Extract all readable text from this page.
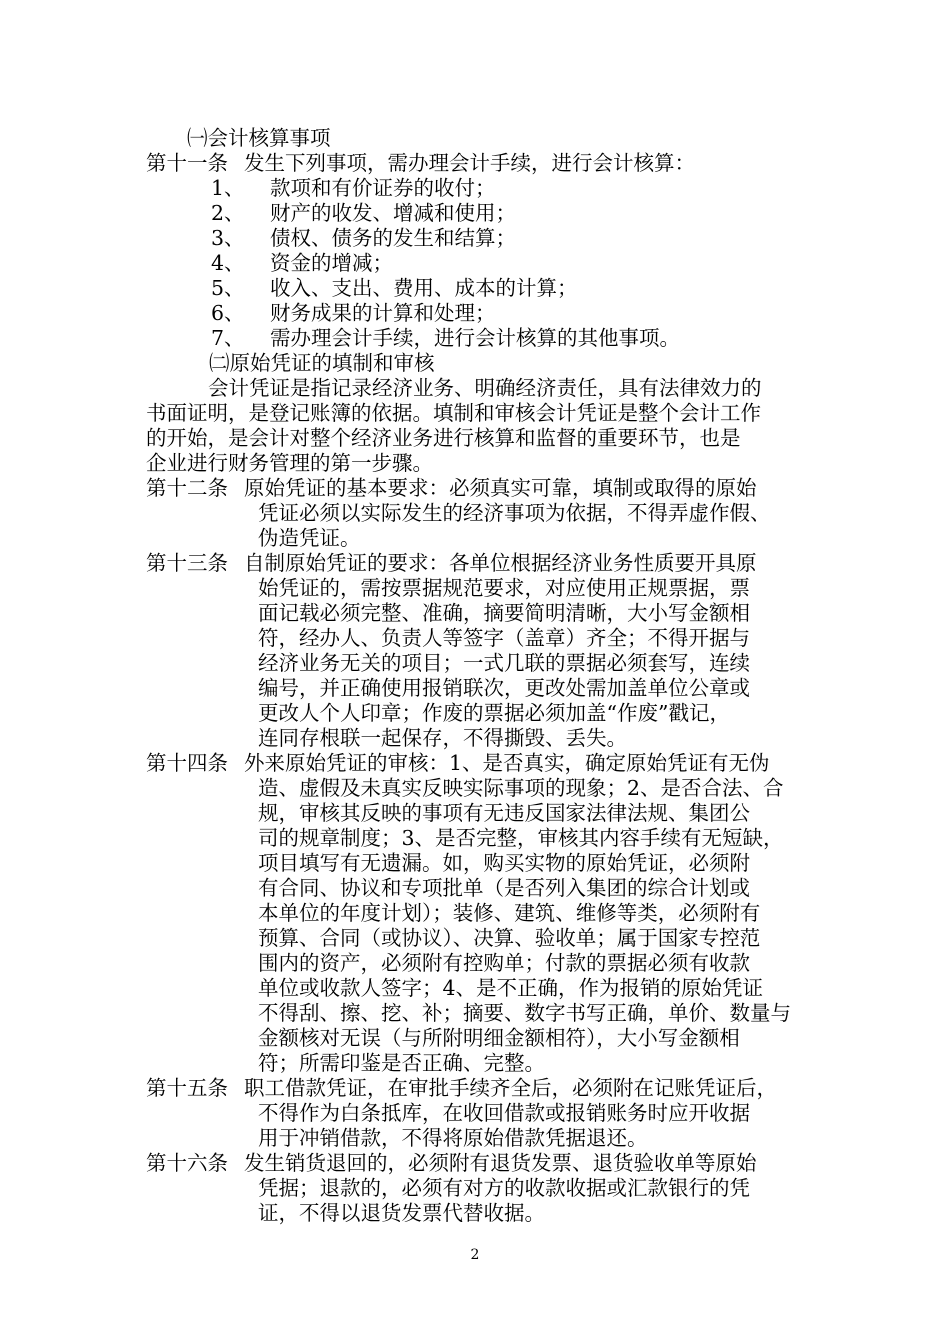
㈠会计核算事项
第十一条 发生下列事项，需办理会计手续，进行会计核算：
1、 款项和有价证券的收付；
2、 财产的收发、增减和使用；
3、 债权、债务的发生和结算；
4、 资金的增减；
5、 收入、支出、费用、成本的计算；
6、 财务成果的计算和处理；
7、 需办理会计手续，进行会计核算的其他事项。
㈡原始凭证的填制和审核
会计凭证是指记录经济业务、明确经济责任，具有法律效力的
书面证明，是登记账簿的依据。填制和审核会计凭证是整个会计工作
的开始，是会计对整个经济业务进行核算和监督的重要环节，也是
企业进行财务管理的第一步骤。
第十二条 原始凭证的基本要求：必须真实可靠，填制或取得的原始
凭证必须以实际发生的经济事项为依据，不得弄虚作假、
伪造凭证。
第十三条 自制原始凭证的要求：各单位根据经济业务性质要开具原
始凭证的，需按票据规范要求，对应使用正规票据，票
面记载必须完整、准确，摘要简明清晰，大小写金额相
符，经办人、负责人等签字（盖章）齐全；不得开据与
经济业务无关的项目；一式几联的票据必须套写，连续
编号，并正确使用报销联次，更改处需加盖单位公章或
更改人个人印章；作废的票据必须加盖“作废”戳记，
连同存根联一起保存，不得撕毁、丢失。
第十四条 外来原始凭证的审核：1、是否真实，确定原始凭证有无伪
造、虚假及未真实反映实际事项的现象；2、是否合法、合
规，审核其反映的事项有无违反国家法律法规、集团公
司的规章制度；3、是否完整，审核其内容手续有无短缺，
项目填写有无遗漏。如，购买实物的原始凭证，必须附
有合同、协议和专项批单（是否列入集团的综合计划或
本单位的年度计划）；装修、建筑、维修等类，必须附有
预算、合同（或协议）、决算、验收单；属于国家专控范
围内的资产，必须附有控购单；付款的票据必须有收款
单位或收款人签字；4、是不正确，作为报销的原始凭证
不得刮、擦、挖、补；摘要、数字书写正确，单价、数量与
金额核对无误（与所附明细金额相符），大小写金额相
符；所需印鉴是否正确、完整。
第十五条 职工借款凭证，在审批手续齐全后，必须附在记账凭证后，
不得作为白条抵库，在收回借款或报销账务时应开收据
用于冲销借款，不得将原始借款凭据退还。
第十六条 发生销货退回的，必须附有退货发票、退货验收单等原始
凭据；退款的，必须有对方的收款收据或汇款银行的凭
证，不得以退货发票代替收据。
2
